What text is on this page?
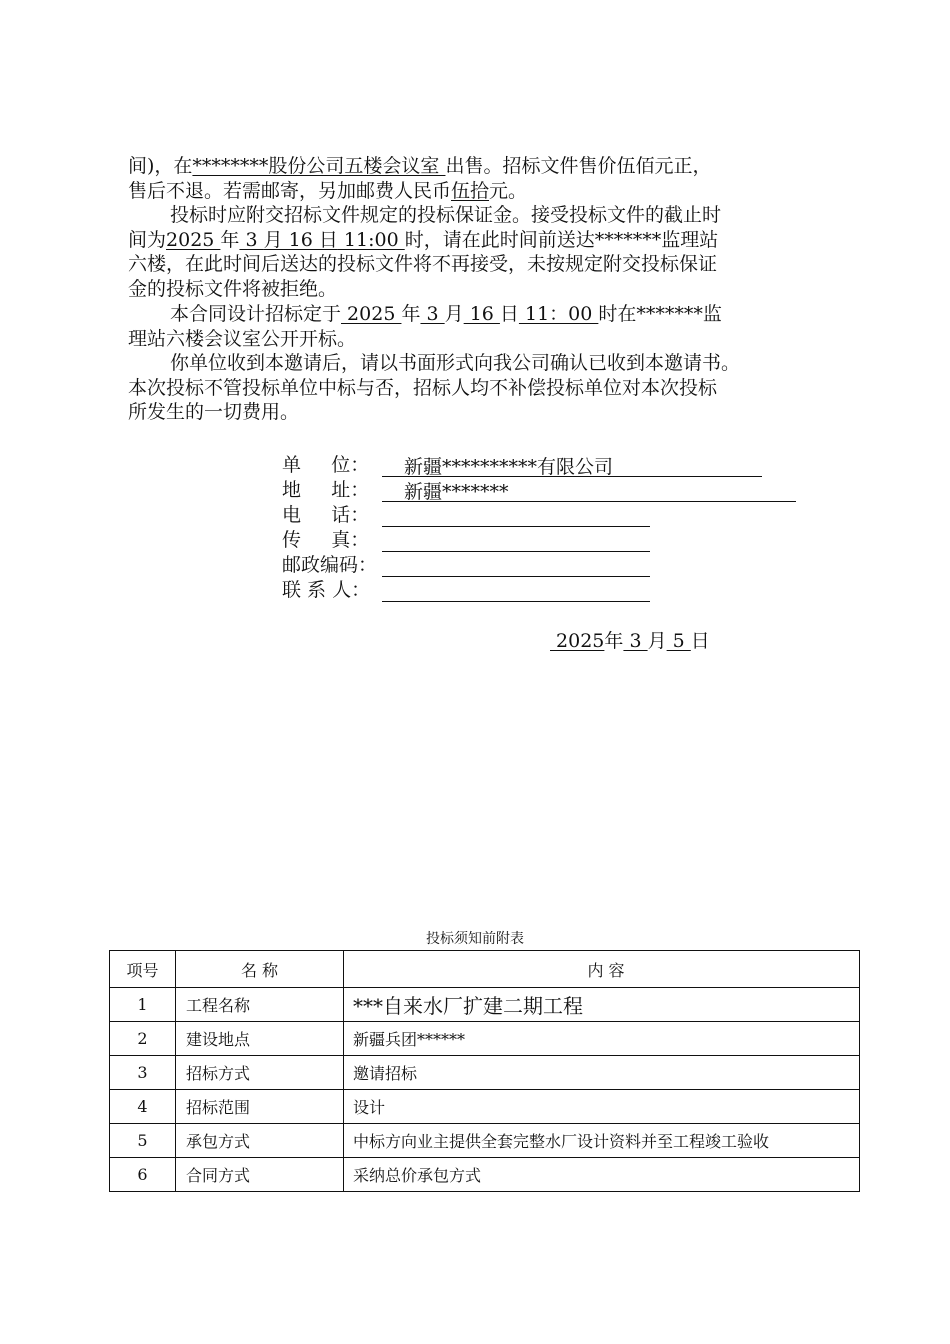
间)，在********股份公司五楼会议室 出售。招标文件售价伍佰元正，

售后不退。若需邮寄，另加邮费人民币伍拾元。

投标时应附交招标文件规定的投标保证金。接受投标文件的截止时

间为2025 年 3 月 16 日 11:00 时，请在此时间前送达*******监理站

六楼，在此时间后送达的投标文件将不再接受，未按规定附交投标保证

金的投标文件将被拒绝。

本合同设计招标定于 2025 年 3 月 16 日 11：00 时在*******监

理站六楼会议室公开开标。

你单位收到本邀请后，请以书面形式向我公司确认已收到本邀请书。

本次投标不管投标单位中标与否，招标人均不补偿投标单位对本次投标

所发生的一切费用。

单     位：	新疆**********有限公司
地     址：	新疆*******
电     话：
传     真：
邮政编码：
联 系 人：
2025年 3 月 5 日
投标须知前附表
项号	名 称	内 容
1	工程名称	***自来水厂扩建二期工程
2	建设地点	新疆兵团******
3	招标方式	邀请招标
4	招标范围	设计
5	承包方式	中标方向业主提供全套完整水厂设计资料并至工程竣工验收
6	合同方式	采纳总价承包方式
